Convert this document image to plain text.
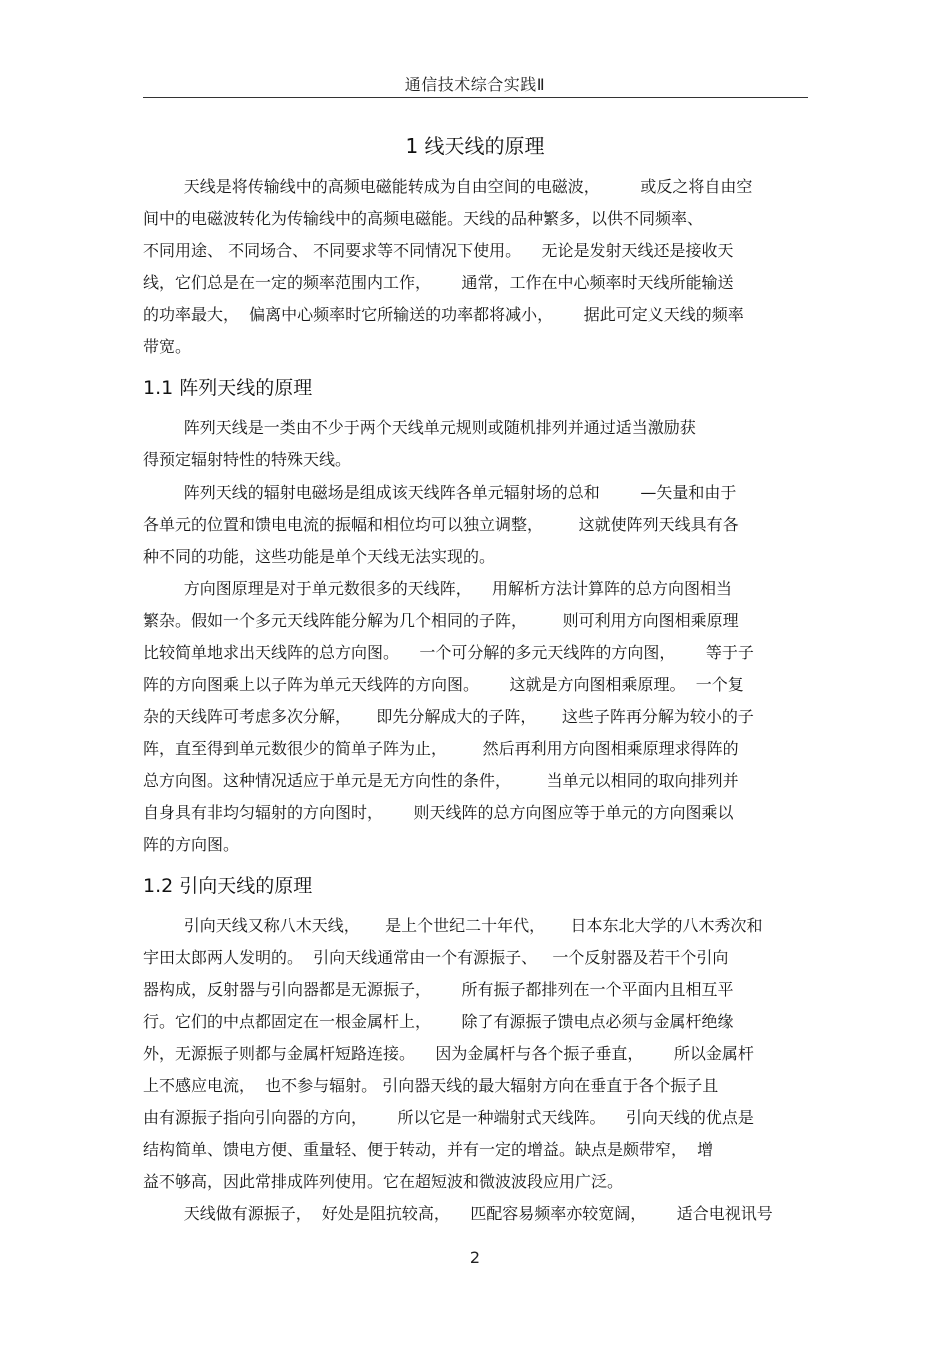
通信技术综合实践Ⅱ
1 线天线的原理
天线是将传输线中的高频电磁能转成为自由空间的电磁波，        或反之将自由空
间中的电磁波转化为传输线中的高频电磁能。天线的品种繁多，以供不同频率、
不同用途、 不同场合、 不同要求等不同情况下使用。    无论是发射天线还是接收天
线，它们总是在一定的频率范围内工作，      通常，工作在中心频率时天线所能输送
的功率最大，  偏离中心频率时它所输送的功率都将减小，      据此可定义天线的频率
带宽。
1.1 阵列天线的原理
阵列天线是一类由不少于两个天线单元规则或随机排列并通过适当激励获
得预定辐射特性的特殊天线。
阵列天线的辐射电磁场是组成该天线阵各单元辐射场的总和        —矢量和由于
各单元的位置和馈电电流的振幅和相位均可以独立调整，       这就使阵列天线具有各
种不同的功能，这些功能是单个天线无法实现的。
方向图原理是对于单元数很多的天线阵，    用解析方法计算阵的总方向图相当
繁杂。假如一个多元天线阵能分解为几个相同的子阵，       则可利用方向图相乘原理
比较简单地求出天线阵的总方向图。    一个可分解的多元天线阵的方向图，      等于子
阵的方向图乘上以子阵为单元天线阵的方向图。      这就是方向图相乘原理。  一个复
杂的天线阵可考虑多次分解，     即先分解成大的子阵，     这些子阵再分解为较小的子
阵，直至得到单元数很少的简单子阵为止，       然后再利用方向图相乘原理求得阵的
总方向图。这种情况适应于单元是无方向性的条件，       当单元以相同的取向排列并
自身具有非均匀辐射的方向图时，      则天线阵的总方向图应等于单元的方向图乘以
阵的方向图。
1.2 引向天线的原理
引向天线又称八木天线，     是上个世纪二十年代，     日本东北大学的八木秀次和
宇田太郎两人发明的。  引向天线通常由一个有源振子、   一个反射器及若干个引向
器构成，反射器与引向器都是无源振子，      所有振子都排列在一个平面内且相互平
行。它们的中点都固定在一根金属杆上，      除了有源振子馈电点必须与金属杆绝缘
外，无源振子则都与金属杆短路连接。    因为金属杆与各个振子垂直，      所以金属杆
上不感应电流，  也不参与辐射。 引向器天线的最大辐射方向在垂直于各个振子且
由有源振子指向引向器的方向，      所以它是一种端射式天线阵。    引向天线的优点是
结构简单、馈电方便、重量轻、便于转动，并有一定的增益。缺点是颇带窄，  增
益不够高，因此常排成阵列使用。它在超短波和微波波段应用广泛。
天线做有源振子，  好处是阻抗较高，    匹配容易频率亦较宽阔，      适合电视讯号
2
